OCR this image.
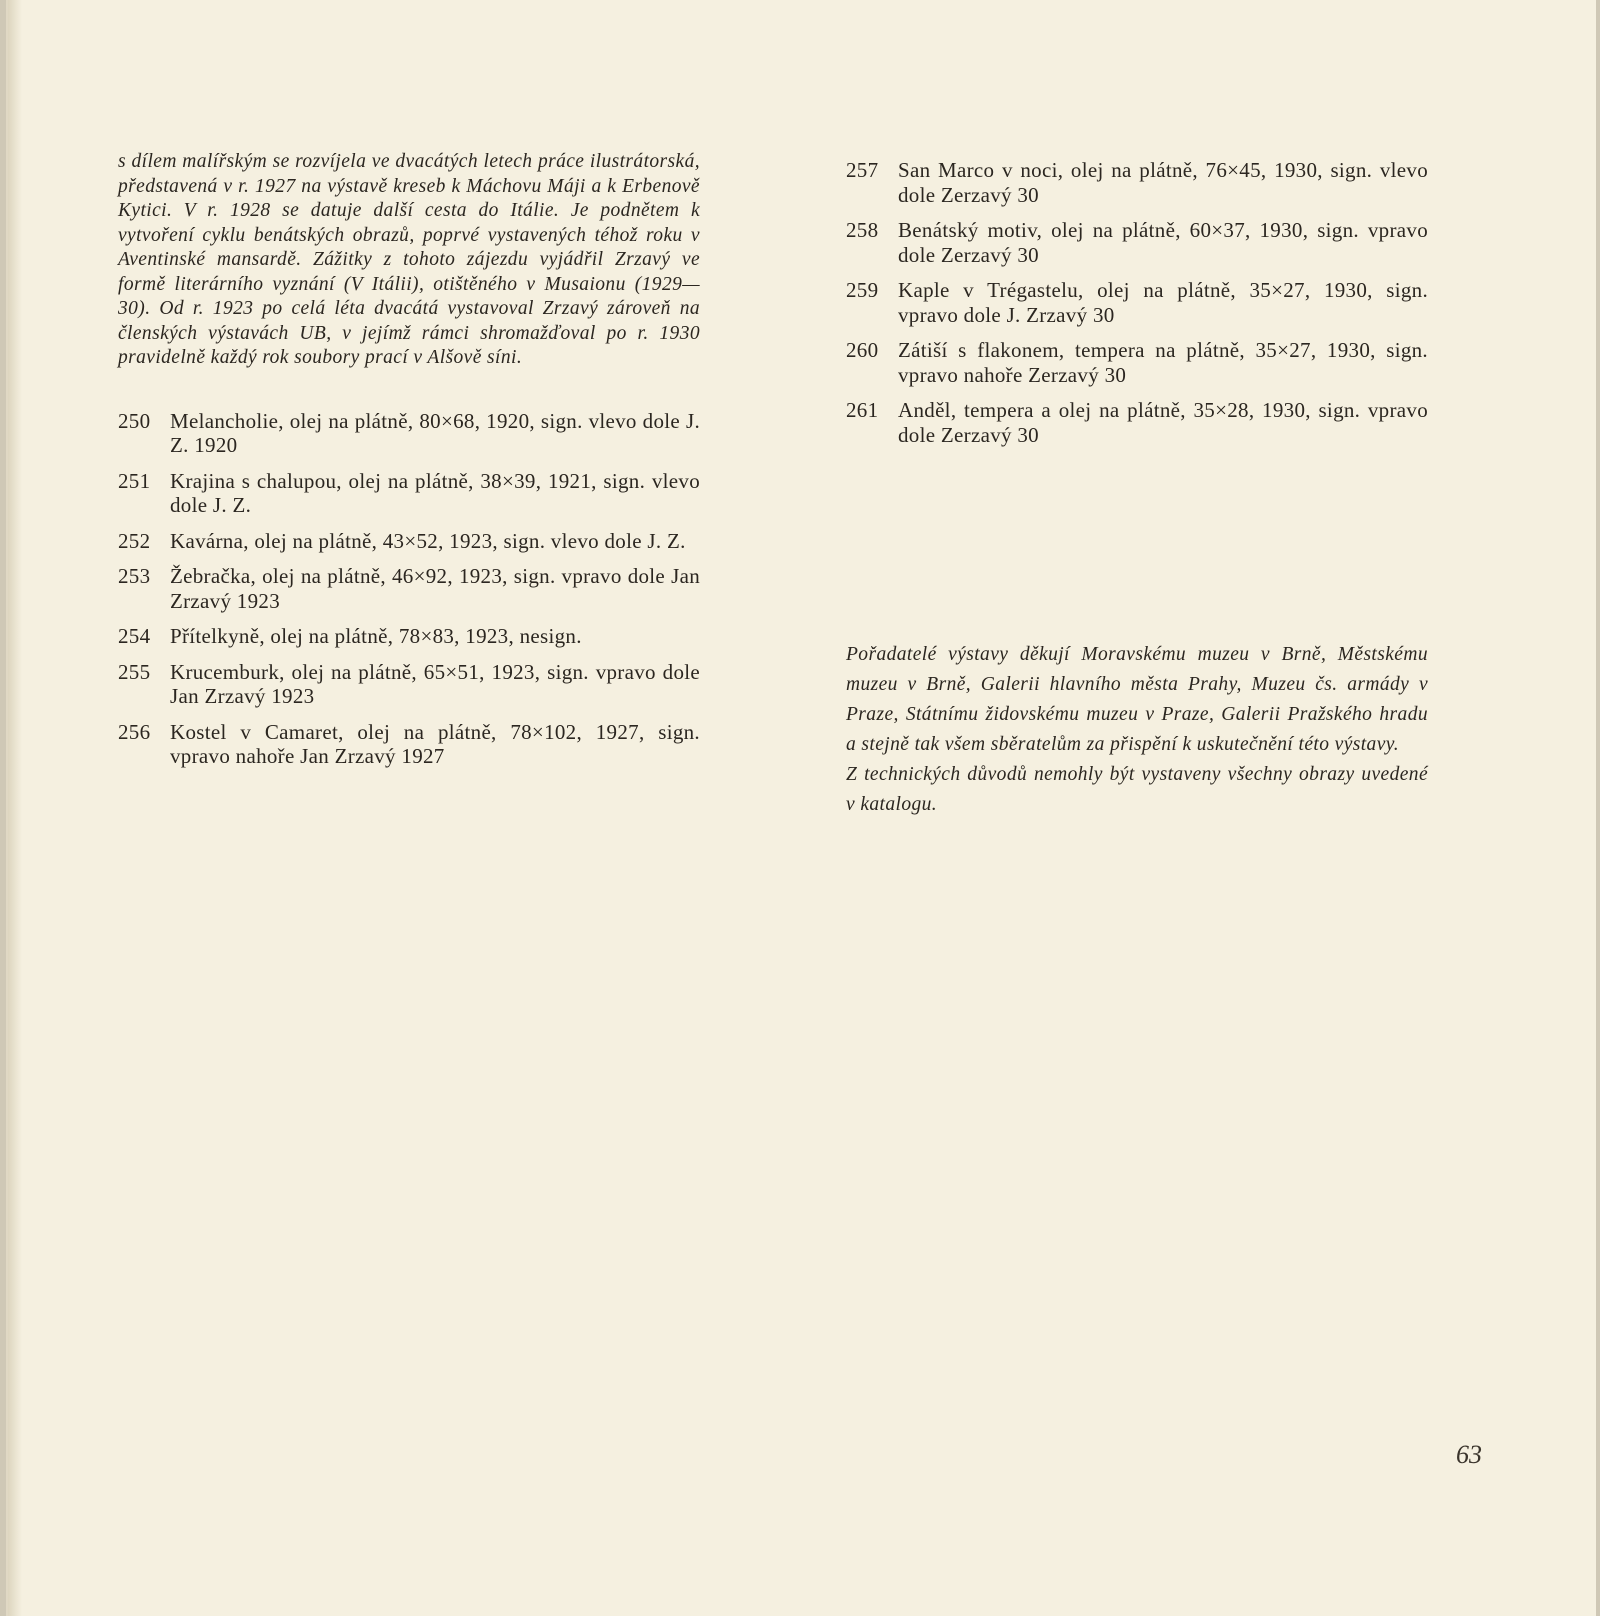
s dílem malířským se rozvíjela ve dvacátých letech práce ilustrátorská, představená v r. 1927 na výstavě kreseb k Máchovu Máji a k Erbenově Kytici. V r. 1928 se datuje další cesta do Itálie. Je podnětem k vytvoření cyklu benátských obrazů, poprvé vystavených téhož roku v Aventinské mansardě. Zážitky z tohoto zájezdu vyjádřil Zrzavý ve formě literárního vyznání (V Itálii), otištěného v Musaionu (1929—30). Od r. 1923 po celá léta dvacátá vystavoval Zrzavý zároveň na členských výstavách UB, v jejímž rámci shromažďoval po r. 1930 pravidelně každý rok soubory prací v Alšově síni.

250 Melancholie, olej na plátně, 80×68, 1920, sign. vlevo dole J. Z. 1920
251 Krajina s chalupou, olej na plátně, 38×39, 1921, sign. vlevo dole J. Z.
252 Kavárna, olej na plátně, 43×52, 1923, sign. vlevo dole J. Z.
253 Žebračka, olej na plátně, 46×92, 1923, sign. vpravo dole Jan Zrzavý 1923
254 Přítelkyně, olej na plátně, 78×83, 1923, nesign.
255 Krucemburk, olej na plátně, 65×51, 1923, sign. vpravo dole Jan Zrzavý 1923
256 Kostel v Camaret, olej na plátně, 78×102, 1927, sign. vpravo nahoře Jan Zrzavý 1927
257 San Marco v noci, olej na plátně, 76×45, 1930, sign. vlevo dole Zerzavý 30
258 Benátský motiv, olej na plátně, 60×37, 1930, sign. vpravo dole Zerzavý 30
259 Kaple v Trégastelu, olej na plátně, 35×27, 1930, sign. vpravo dole J. Zrzavý 30
260 Zátiší s flakonem, tempera na plátně, 35×27, 1930, sign. vpravo nahoře Zerzavý 30
261 Anděl, tempera a olej na plátně, 35×28, 1930, sign. vpravo dole Zerzavý 30

Pořadatelé výstavy děkují Moravskému muzeu v Brně, Městskému muzeu v Brně, Galerii hlavního města Prahy, Muzeu čs. armády v Praze, Státnímu židovskému muzeu v Praze, Galerii Pražského hradu a stejně tak všem sběratelům za přispění k uskutečnění této výstavy.

Z technických důvodů nemohly být vystaveny všechny obrazy uvedené v katalogu.

63
